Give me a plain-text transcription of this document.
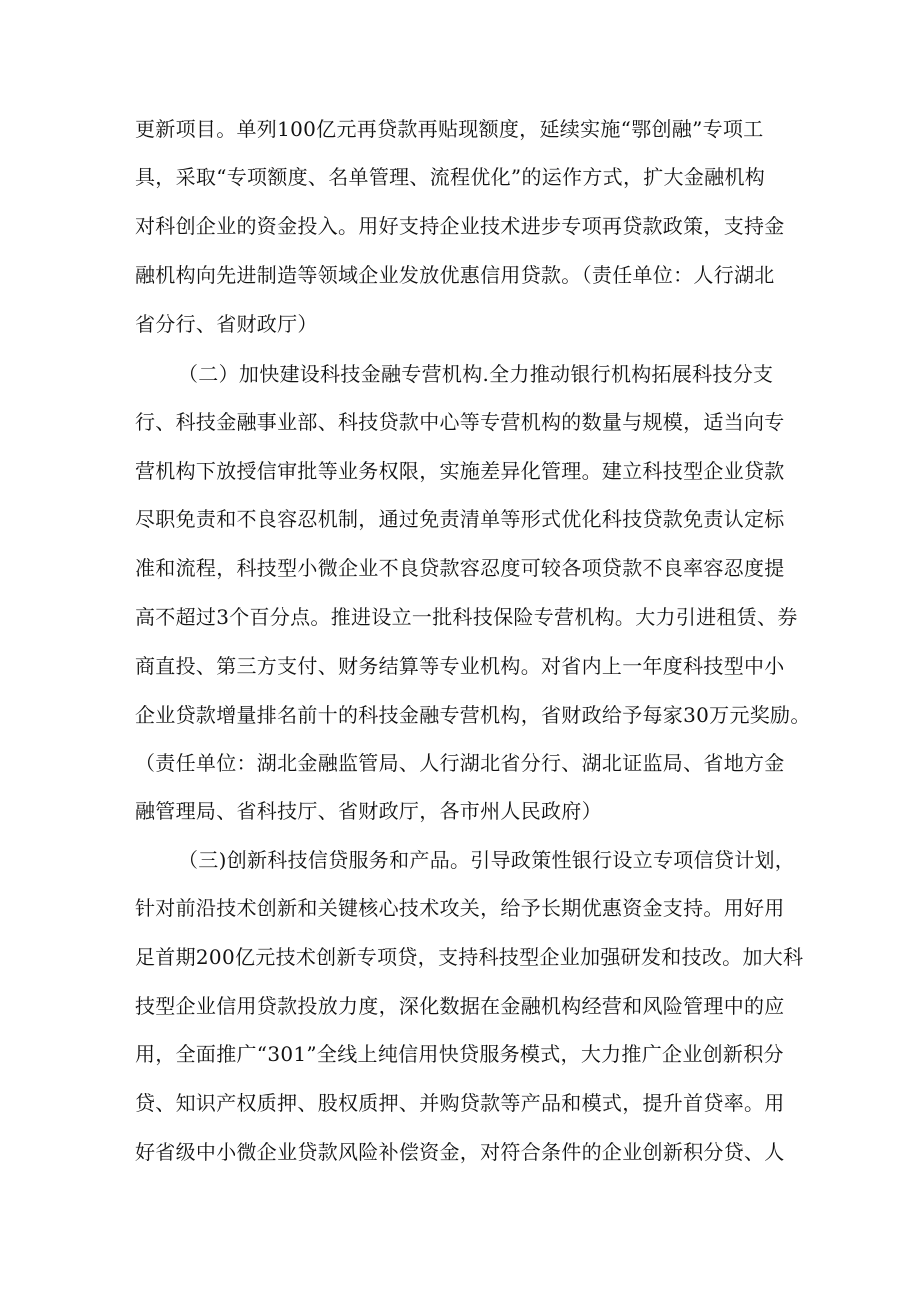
更新项目。单列100亿元再贷款再贴现额度，延续实施“鄂创融”专项工
具，采取“专项额度、名单管理、流程优化”的运作方式，扩大金融机构
对科创企业的资金投入。用好支持企业技术进步专项再贷款政策，支持金
融机构向先进制造等领域企业发放优惠信用贷款。（责任单位：人行湖北
省分行、省财政厅）
（二）加快建设科技金融专营机构.全力推动银行机构拓展科技分支
行、科技金融事业部、科技贷款中心等专营机构的数量与规模，适当向专
营机构下放授信审批等业务权限，实施差异化管理。建立科技型企业贷款
尽职免责和不良容忍机制，通过免责清单等形式优化科技贷款免责认定标
准和流程，科技型小微企业不良贷款容忍度可较各项贷款不良率容忍度提
高不超过3个百分点。推进设立一批科技保险专营机构。大力引进租赁、券
商直投、第三方支付、财务结算等专业机构。对省内上一年度科技型中小
企业贷款增量排名前十的科技金融专营机构，省财政给予每家30万元奖励。
（责任单位：湖北金融监管局、人行湖北省分行、湖北证监局、省地方金
融管理局、省科技厅、省财政厅，各市州人民政府）
（三)创新科技信贷服务和产品。引导政策性银行设立专项信贷计划，
针对前沿技术创新和关键核心技术攻关，给予长期优惠资金支持。用好用
足首期200亿元技术创新专项贷，支持科技型企业加强研发和技改。加大科
技型企业信用贷款投放力度，深化数据在金融机构经营和风险管理中的应
用，全面推广“301”全线上纯信用快贷服务模式，大力推广企业创新积分
贷、知识产权质押、股权质押、并购贷款等产品和模式，提升首贷率。用
好省级中小微企业贷款风险补偿资金，对符合条件的企业创新积分贷、人
